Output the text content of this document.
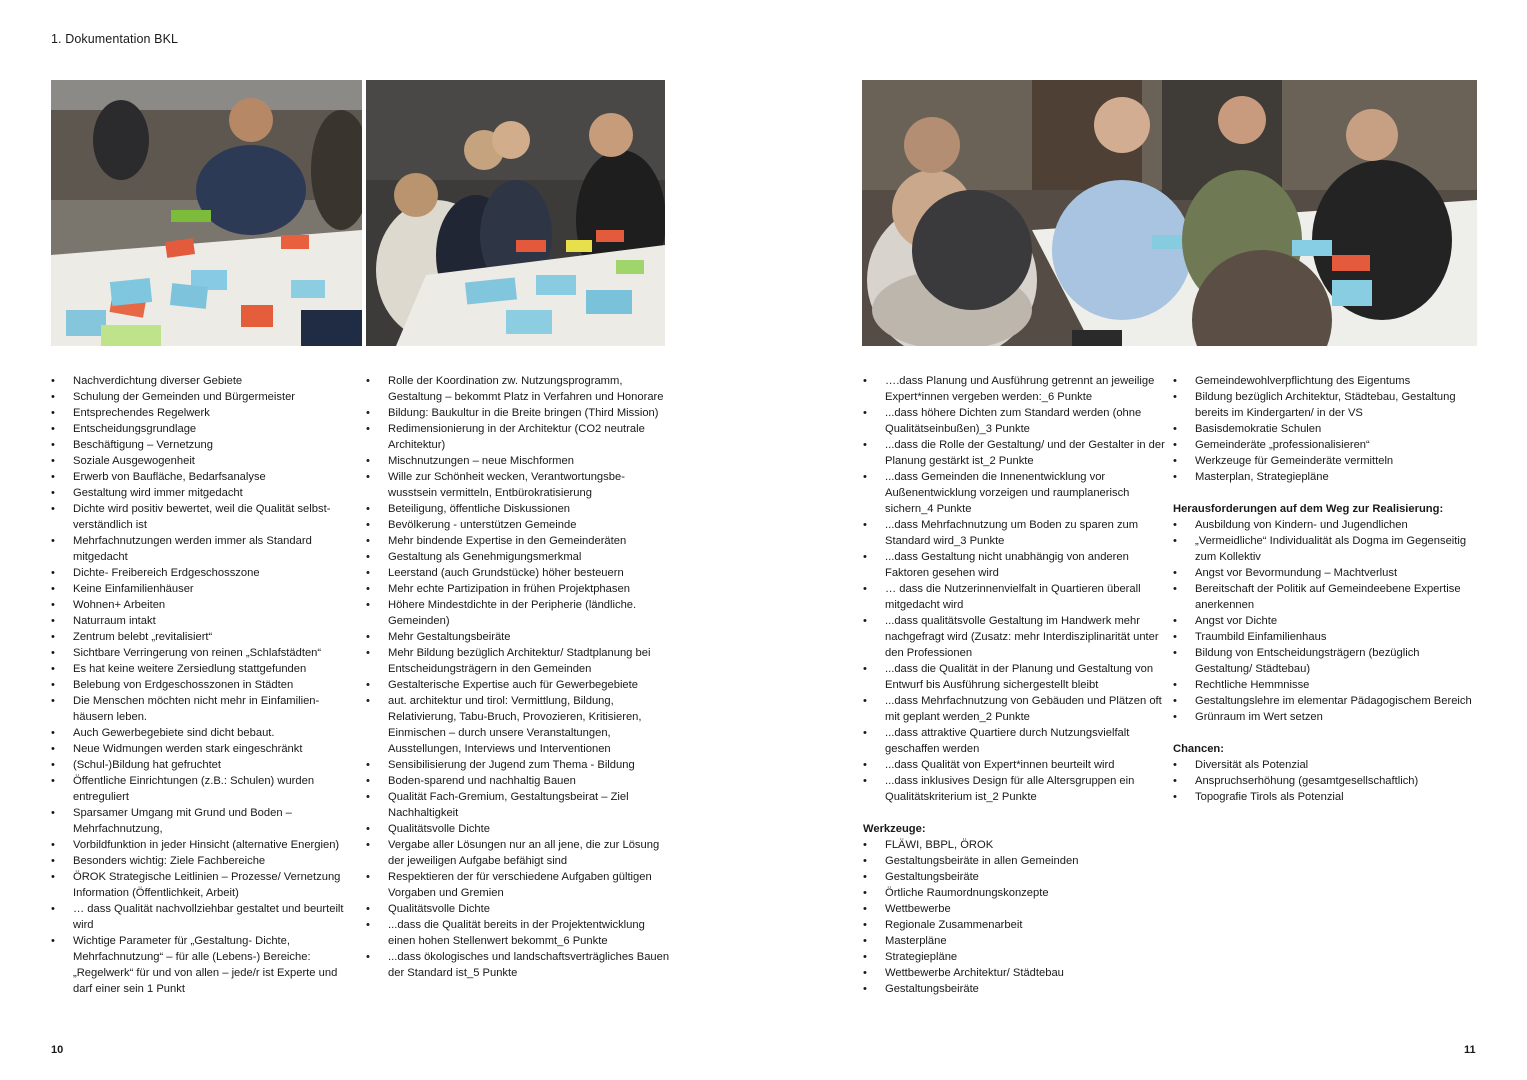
1. Dokumentation BKL
• Nachverdichtung diverser Gebiete
• Schulung der Gemeinden und Bürgermeister
• Entsprechendes Regelwerk
• Entscheidungsgrundlage
• Beschäftigung – Vernetzung
• Soziale Ausgewogenheit
• Erwerb von Baufläche, Bedarfsanalyse
• Gestaltung wird immer mitgedacht
• Dichte wird positiv bewertet, weil die Qualität selbst-verständlich ist
• Mehrfachnutzungen werden immer als Standard mitgedacht
• Dichte- Freibereich Erdgeschosszone
• Keine Einfamilienhäuser
• Wohnen+ Arbeiten
• Naturraum intakt
• Zentrum belebt „revitalisiert“
• Sichtbare Verringerung von reinen „Schlafstädten“
• Es hat keine weitere Zersiedlung stattgefunden
• Belebung von Erdgeschosszonen in Städten
• Die Menschen möchten nicht mehr in Einfamilien-häusern leben.
• Auch Gewerbegebiete sind dicht bebaut.
• Neue Widmungen werden stark eingeschränkt
• (Schul-)Bildung hat gefruchtet
• Öffentliche Einrichtungen (z.B.: Schulen) wurden entreguliert
• Sparsamer Umgang mit Grund und Boden – Mehrfachnutzung,
• Vorbildfunktion in jeder Hinsicht (alternative Energien)
• Besonders wichtig: Ziele Fachbereiche
• ÖROK Strategische Leitlinien – Prozesse/ Vernetzung Information (Öffentlichkeit, Arbeit)
• … dass Qualität nachvollziehbar gestaltet und beurteilt wird
• Wichtige Parameter für „Gestaltung- Dichte, Mehrfachnutzung“ – für alle (Lebens-) Bereiche: „Regelwerk“ für und von allen – jede/r ist Experte und darf einer sein 1 Punkt
• Rolle der Koordination zw. Nutzungsprogramm, Gestaltung – bekommt Platz in Verfahren und Honorare
• Bildung: Baukultur in die Breite bringen (Third Mission)
• Redimensionierung in der Architektur (CO2 neutrale Architektur)
• Mischnutzungen – neue Mischformen
• Wille zur Schönheit wecken, Verantwortungsbe-wusstsein vermitteln, Entbürokratisierung
• Beteiligung, öffentliche Diskussionen
• Bevölkerung - unterstützen Gemeinde
• Mehr bindende Expertise in den Gemeinderäten
• Gestaltung als Genehmigungsmerkmal
• Leerstand (auch Grundstücke) höher besteuern
• Mehr echte Partizipation in frühen Projektphasen
• Höhere Mindestdichte in der Peripherie (ländliche. Gemeinden)
• Mehr Gestaltungsbeiräte
• Mehr Bildung bezüglich Architektur/ Stadtplanung bei Entscheidungsträgern in den Gemeinden
• Gestalterische Expertise auch für Gewerbegebiete
• aut. architektur und tirol: Vermittlung, Bildung, Relativierung, Tabu-Bruch, Provozieren, Kritisieren, Einmischen – durch unsere Veranstaltungen, Ausstellungen, Interviews und Interventionen
• Sensibilisierung der Jugend zum Thema - Bildung
• Boden-sparend und nachhaltig Bauen
• Qualität Fach-Gremium, Gestaltungsbeirat – Ziel Nachhaltigkeit
• Qualitätsvolle Dichte
• Vergabe aller Lösungen nur an all jene, die zur Lösung der jeweiligen Aufgabe befähigt sind
• Respektieren der für verschiedene Aufgaben gültigen Vorgaben und Gremien
• Qualitätsvolle Dichte
• ...dass die Qualität bereits in der Projektentwicklung einen hohen Stellenwert bekommt_6 Punkte
• ...dass ökologisches und landschaftsverträgliches Bauen der Standard ist_5 Punkte
• ….dass Planung und Ausführung getrennt an jeweilige Expert*innen vergeben werden:_6 Punkte
• ...dass höhere Dichten zum Standard werden (ohne Qualitätseinbußen)_3 Punkte
• ...dass die Rolle der Gestaltung/ und der Gestalter in der Planung gestärkt ist_2 Punkte
• ...dass Gemeinden die Innenentwicklung vor Außenentwicklung vorzeigen und raumplanerisch sichern_4 Punkte
• ...dass Mehrfachnutzung um Boden zu sparen zum Standard wird_3 Punkte
• ...dass Gestaltung nicht unabhängig von anderen Faktoren gesehen wird
• … dass die Nutzerinnenvielfalt in Quartieren überall mitgedacht wird
• ...dass qualitätsvolle Gestaltung im Handwerk mehr nachgefragt wird (Zusatz: mehr Interdisziplinarität unter den Professionen
• ...dass die Qualität in der Planung und Gestaltung von Entwurf bis Ausführung sichergestellt bleibt
• ...dass Mehrfachnutzung von Gebäuden und Plätzen oft mit geplant werden_2 Punkte
• ...dass attraktive Quartiere durch Nutzungsvielfalt geschaffen werden
• ...dass Qualität von Expert*innen beurteilt wird
• ...dass inklusives Design für alle Altersgruppen ein Qualitätskriterium ist_2 Punkte
Werkzeuge:
• FLÄWI, BBPL, ÖROK
• Gestaltungsbeiräte in allen Gemeinden
• Gestaltungsbeiräte
• Örtliche Raumordnungskonzepte
• Wettbewerbe
• Regionale Zusammenarbeit
• Masterpläne
• Strategiepläne
• Wettbewerbe Architektur/ Städtebau
• Gestaltungsbeiräte
• Gemeindewohlverpflichtung des Eigentums
• Bildung bezüglich Architektur, Städtebau, Gestaltung bereits im Kindergarten/ in der VS
• Basisdemokratie Schulen
• Gemeinderäte „professionalisieren“
• Werkzeuge für Gemeinderäte vermitteln
• Masterplan, Strategiepläne
Herausforderungen auf dem Weg zur Realisierung:
• Ausbildung von Kindern- und Jugendlichen
• „Vermeidliche“ Individualität als Dogma im Gegenseitig zum Kollektiv
• Angst vor Bevormundung – Machtverlust
• Bereitschaft der Politik auf Gemeindeebene Expertise anerkennen
• Angst vor Dichte
• Traumbild Einfamilienhaus
• Bildung von Entscheidungsträgern (bezüglich Gestaltung/ Städtebau)
• Rechtliche Hemmnisse
• Gestaltungslehre im elementar Pädagogischem Bereich
• Grünraum im Wert setzen
Chancen:
• Diversität als Potenzial
• Anspruchserhöhung (gesamtgesellschaftlich)
• Topografie Tirols als Potenzial
10	11
